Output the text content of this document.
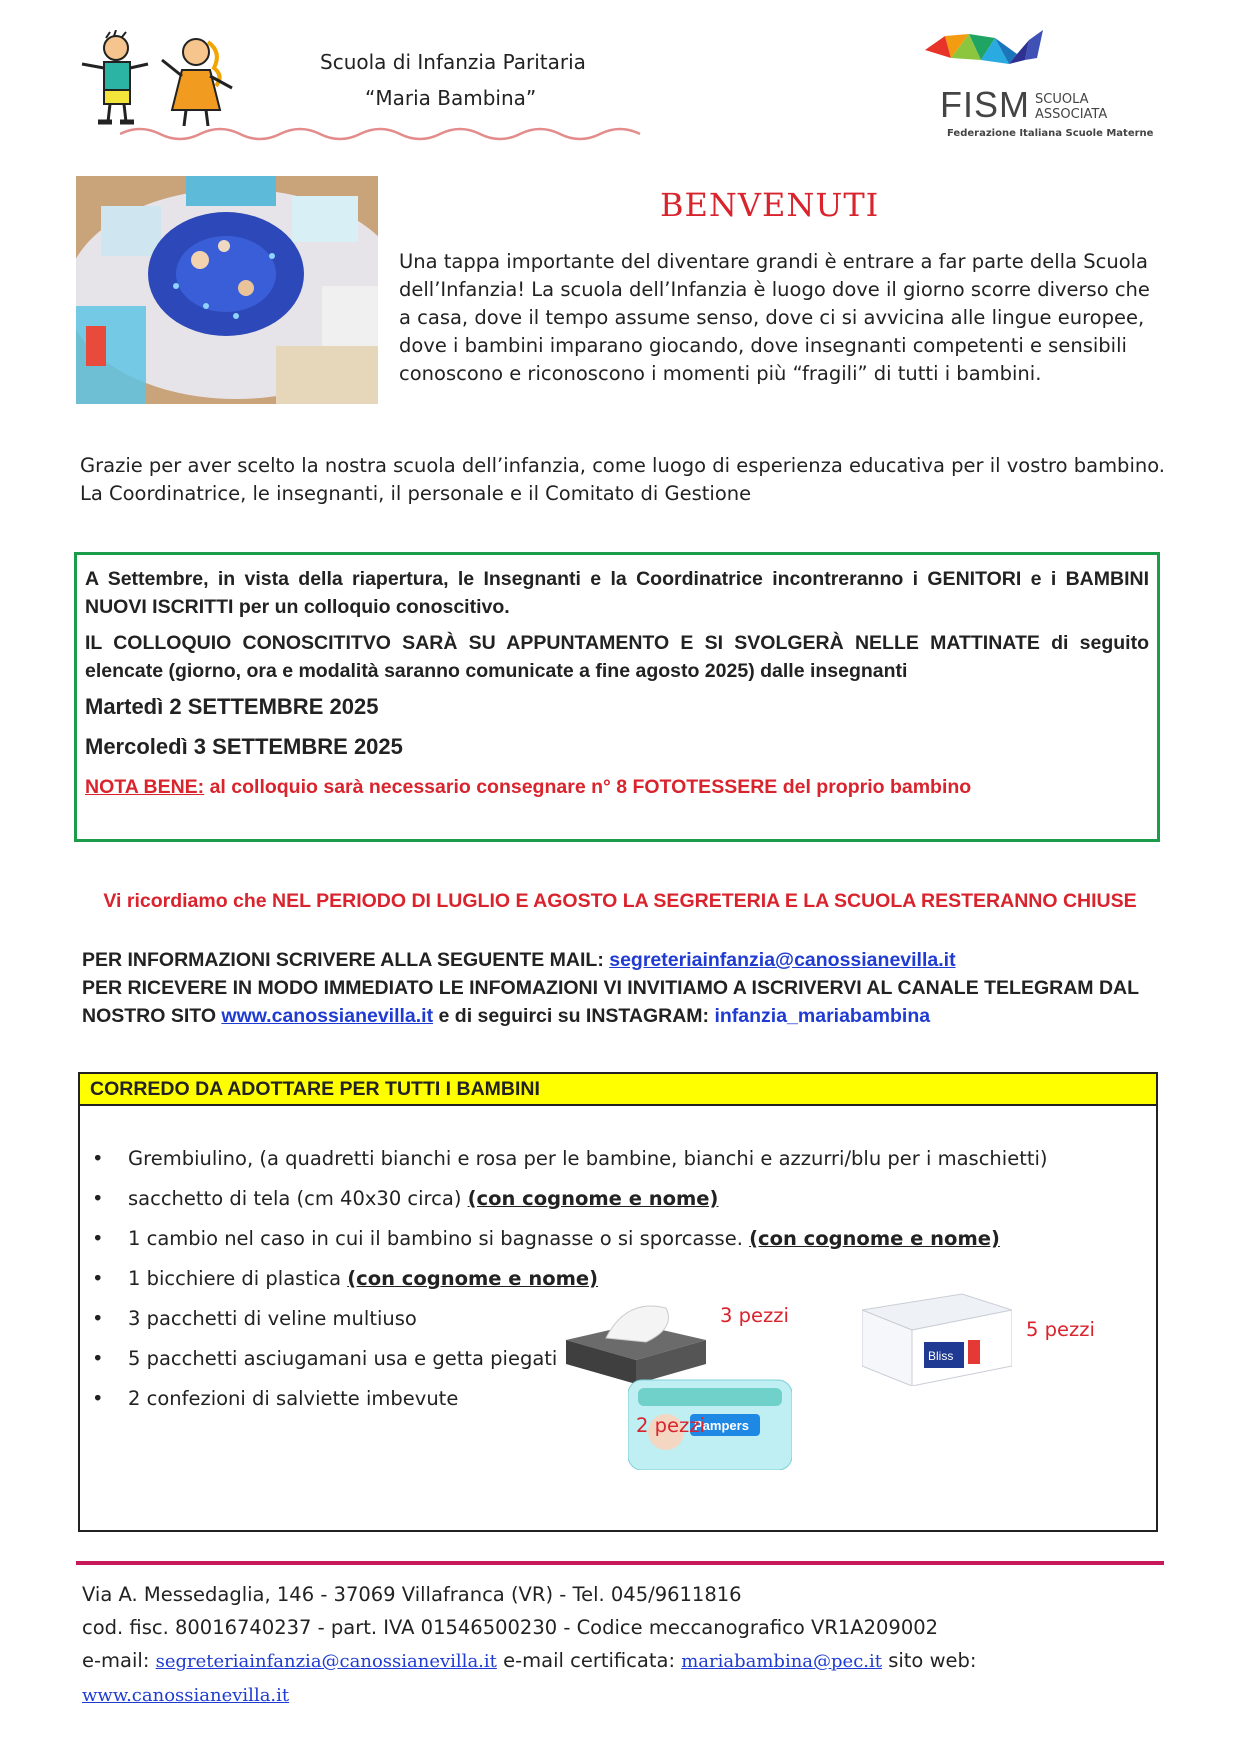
Scuola di Infanzia Paritaria
“Maria Bambina”	FISM SCUOLA
ASSOCIATA
Federazione Italiana Scuole Materne
BENVENUTI
Una tappa importante del diventare grandi è entrare a far parte della Scuola dell’Infanzia! La scuola dell’Infanzia è luogo dove il giorno scorre diverso che a casa, dove il tempo assume senso, dove ci si avvicina alle lingue europee, dove i bambini imparano giocando, dove insegnanti competenti e sensibili conoscono e riconoscono i momenti più “fragili” di tutti i bambini.
Grazie per aver scelto la nostra scuola dell’infanzia, come luogo di esperienza educativa per il vostro bambino.
La Coordinatrice, le insegnanti, il personale e il Comitato di Gestione

A Settembre, in vista della riapertura, le Insegnanti e la Coordinatrice incontreranno i GENITORI e i BAMBINI NUOVI ISCRITTI per un colloquio conoscitivo.

IL COLLOQUIO CONOSCITITVO SARÀ SU APPUNTAMENTO E SI SVOLGERÀ NELLE MATTINATE di seguito elencate (giorno, ora e modalità saranno comunicate a fine agosto 2025) dalle insegnanti

Martedì 2 SETTEMBRE 2025

Mercoledì 3 SETTEMBRE 2025

NOTA BENE: al colloquio sarà necessario consegnare n° 8 FOTOTESSERE del proprio bambino

Vi ricordiamo che NEL PERIODO DI LUGLIO E AGOSTO LA SEGRETERIA E LA SCUOLA RESTERANNO CHIUSE
PER INFORMAZIONI SCRIVERE ALLA SEGUENTE MAIL: segreteriainfanzia@canossianevilla.it
PER RICEVERE IN MODO IMMEDIATO LE INFOMAZIONI VI INVITIAMO A ISCRIVERVI AL CANALE TELEGRAM DAL NOSTRO SITO www.canossianevilla.it e di seguirci su INSTAGRAM: infanzia_mariabambina
CORREDO DA ADOTTARE PER TUTTI I BAMBINI
• Grembiulino, (a quadretti bianchi e rosa per le bambine, bianchi e azzurri/blu per i maschietti)
• sacchetto di tela (cm 40x30 circa) (con cognome e nome)
• 1 cambio nel caso in cui il bambino si bagnasse o si sporcasse. (con cognome e nome)
• 1 bicchiere di plastica (con cognome e nome)
• 3 pacchetti di veline multiuso
• 5 pacchetti asciugamani usa e getta piegati
• 2 confezioni di salviette imbevute
3 pezzi
Bliss
5 pezzi
Pampers
2 pezzi
Via A. Messedaglia, 146 - 37069 Villafranca (VR) - Tel. 045/9611816
cod. fisc. 80016740237 - part. IVA 01546500230 - Codice meccanografico VR1A209002
e-mail: segreteriainfanzia@canossianevilla.it e-mail certificata: mariabambina@pec.it sito web: www.canossianevilla.it
